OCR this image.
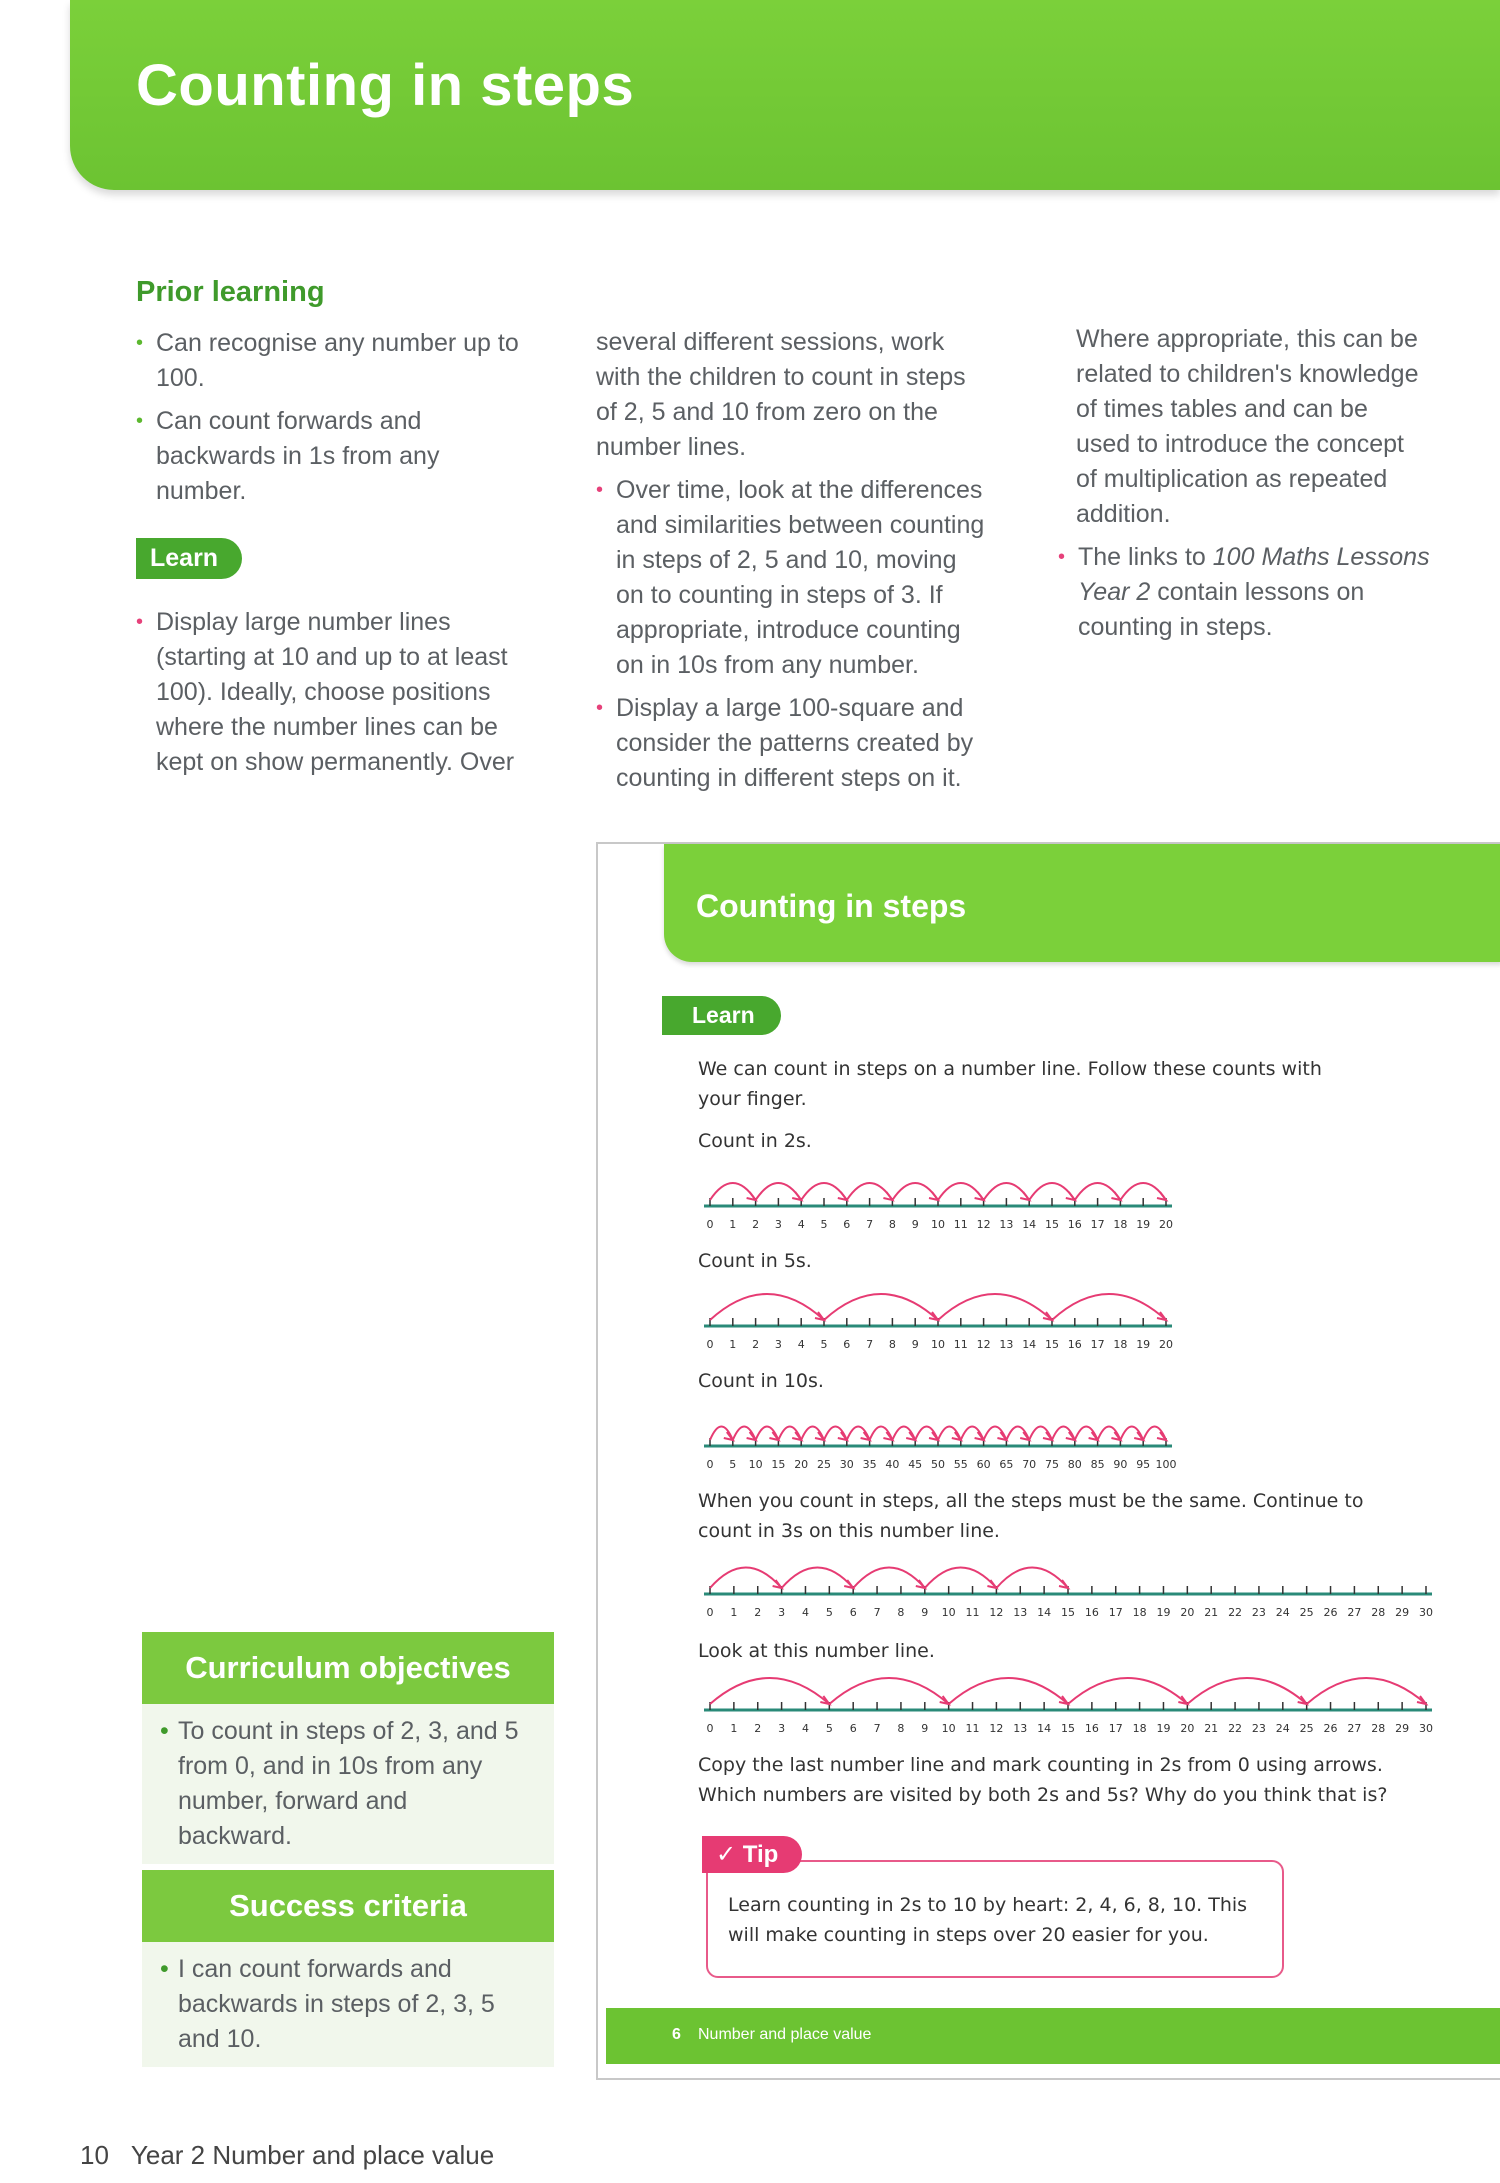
Counting in steps
Prior learning
• Can recognise any number up to 100.
• Can count forwards and backwards in 1s from any number.
Learn
• Display large number lines
(starting at 10 and up to at least
100). Ideally, choose positions
where the number lines can be
kept on show permanently. Over
several different sessions, work
with the children to count in steps
of 2, 5 and 10 from zero on the
number lines.
• Over time, look at the differences
and similarities between counting
in steps of 2, 5 and 10, moving
on to counting in steps of 3. If
appropriate, introduce counting
on in 10s from any number.
• Display a large 100-square and
consider the patterns created by
counting in different steps on it.
Where appropriate, this can be
related to children's knowledge
of times tables and can be
used to introduce the concept
of multiplication as repeated
addition.
• The links to 100 Maths Lessons Year 2 contain lessons on counting in steps.
Curriculum objectives
• To count in steps of 2, 3, and 5 from 0, and in 10s from any number, forward and backward.
Success criteria
• I can count forwards and backwards in steps of 2, 3, 5 and 10.
Counting in steps
Learn
We can count in steps on a number line. Follow these counts with
your finger.
Count in 2s.
0 1 2 3 4 5 6 7 8 9 10 11 12 13 14 15 16 17 18 19 20
Count in 5s.
0 1 2 3 4 5 6 7 8 9 10 11 12 13 14 15 16 17 18 19 20
Count in 10s.
0 5 10 15 20 25 30 35 40 45 50 55 60 65 70 75 80 85 90 95 100
When you count in steps, all the steps must be the same. Continue to
count in 3s on this number line.
0 1 2 3 4 5 6 7 8 9 10 11 12 13 14 15 16 17 18 19 20 21 22 23 24 25 26 27 28 29 30
Look at this number line.
0 1 2 3 4 5 6 7 8 9 10 11 12 13 14 15 16 17 18 19 20 21 22 23 24 25 26 27 28 29 30
Copy the last number line and mark counting in 2s from 0 using arrows.
Which numbers are visited by both 2s and 5s? Why do you think that is?
Learn counting in 2s to 10 by heart: 2, 4, 6, 8, 10. This
will make counting in steps over 20 easier for you.
✓ Tip
6 Number and place value
10 Year 2 Number and place value
